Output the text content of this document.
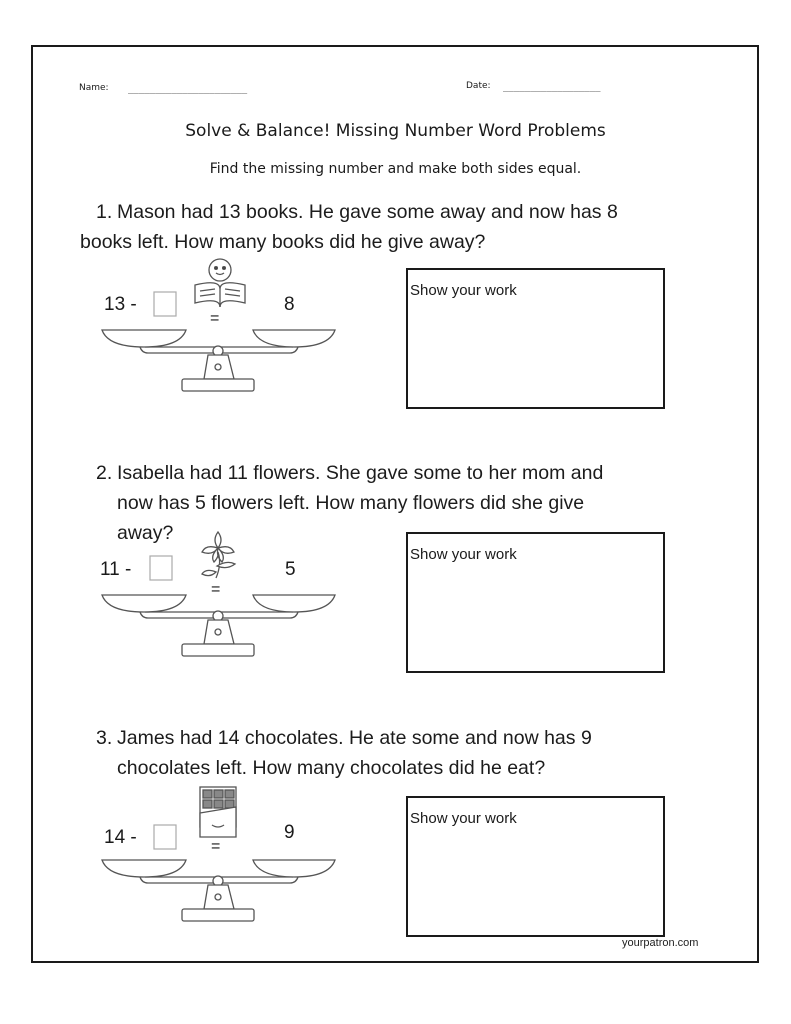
Name: ______________________	Date: __________________
Solve & Balance! Missing Number Word Problems
Find the missing number and make both sides equal.
1. Mason had 13 books. He gave some away and now has 8
books left. How many books did he give away?
13 -	8
=
Show your work
2. Isabella had 11 flowers. She gave some to her mom and
now has 5 flowers left. How many flowers did she give
away?
11 -	5
=
Show your work
3. James had 14 chocolates. He ate some and now has 9
chocolates left. How many chocolates did he eat?
14 -	9
=
Show your work
yourpatron.com
